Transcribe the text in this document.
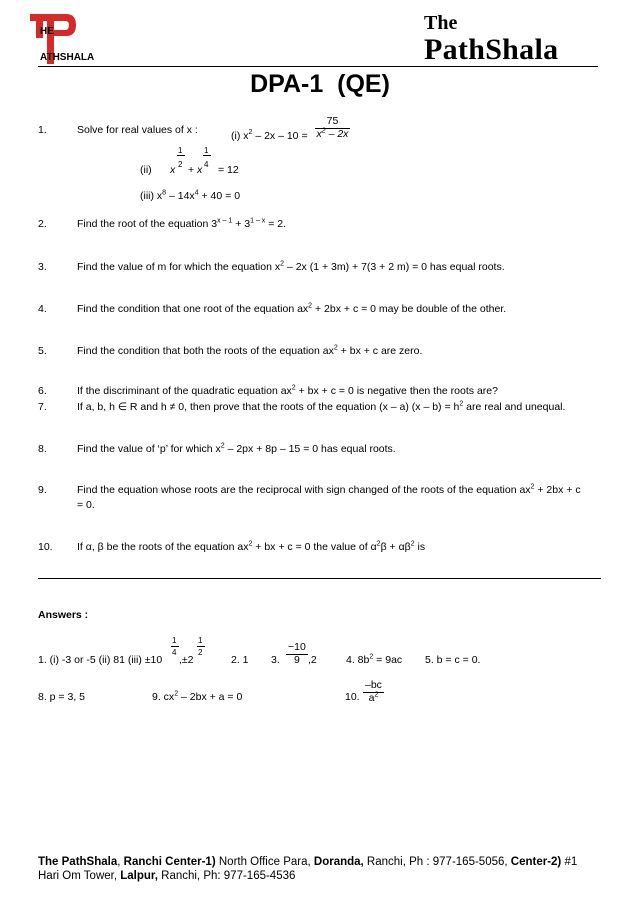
HE
ATHSHALA
The
PathShala
DPA-1  (QE)
1.	Solve for real values of x :	(i) $x^2 - 2x - 10 = \frac{75}{x^2 - 2x}$
1	1
(ii) x 2 + x 4 = 12
(iii) $x^8 - 14x^4 + 40 = 0$
2.	Find the root of the equation $3^{x - 1} + 3^{1 - x} = 2$.
3.	Find the value of m for which the equation $x^2 - 2x$ (1 + 3m) + 7(3 + 2 m) = 0 has equal roots.
4.	Find the condition that one root of the equation $ax^2 + 2bx + c = 0$ may be double of the other.
5.	Find the condition that both the roots of the equation $ax^2$ + bx + c are zero.
6.	If the discriminant of the quadratic equation $ax^2$ + bx + c = 0 is negative then the roots are?
7.	If a, b, h ∈ R and h ≠ 0, then prove that the roots of the equation (x – a) $(x - b) = h^2$ are real and unequal.
8.	Find the value of ‘p’ for which $x^2 - 2px + 8p - 15 = 0$ has equal roots.
9.	Find the equation whose roots are the reciprocal with sign changed of the roots of the equation $ax^2 + 2bx + c$
= 0.
10. If α, β be the roots of the equation $ax^2$ + bx + c = 0 the value of $\alpha^2\beta + \alpha\beta^2$ is
Answers :
1	1
1. (i) -3 or -5 (ii) 81 (iii) ±10
4
,±2
2
2. 1 3. $\frac{-10}{9} ,2$	4. $8b^2 = 9ac$ 5. b = c = 0.
8. p = 3, 5	9. $cx^2 - 2bx + a = 0$	10.
–bc
$a^2$
The PathShala, Ranchi Center-1) North Office Para, Doranda, Ranchi, Ph : 977-165-5056, Center-2) #1
Hari Om Tower, Lalpur, Ranchi, Ph: 977-165-4536
